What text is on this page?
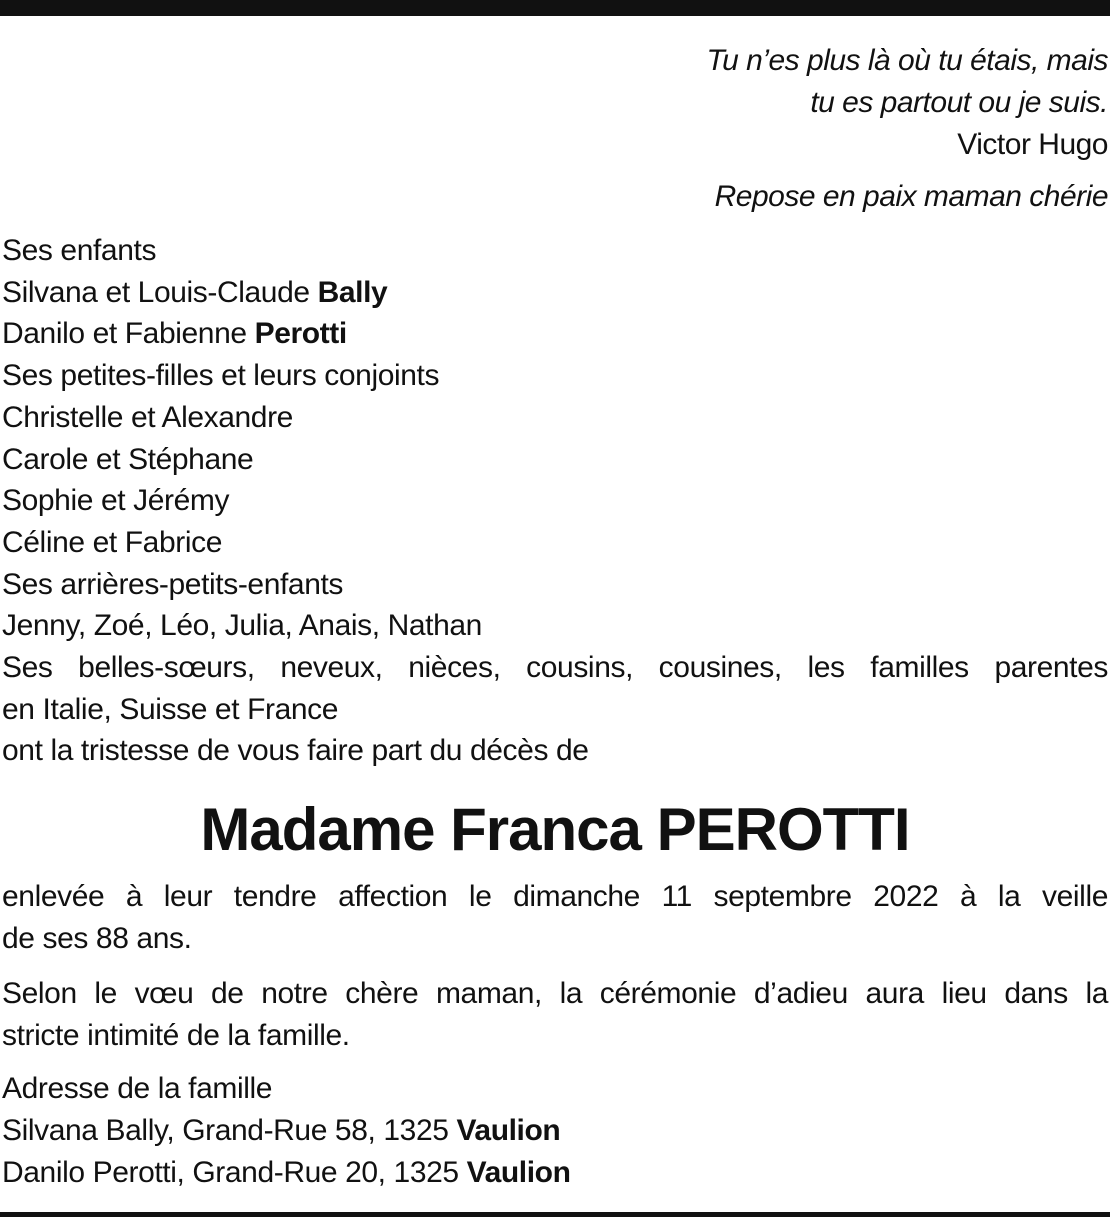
Tu n’es plus là où tu étais, mais
tu es partout ou je suis.
Victor Hugo
Repose en paix maman chérie
Ses enfants
Silvana et Louis-Claude Bally
Danilo et Fabienne Perotti
Ses petites-filles et leurs conjoints
Christelle et Alexandre
Carole et Stéphane
Sophie et Jérémy
Céline et Fabrice
Ses arrières-petits-enfants
Jenny, Zoé, Léo, Julia, Anais, Nathan
Ses belles-sœurs, neveux, nièces, cousins, cousines, les familles parentes
en Italie, Suisse et France
ont la tristesse de vous faire part du décès de
Madame Franca PEROTTI
enlevée à leur tendre affection le dimanche 11 septembre 2022 à la veille
de ses 88 ans.
Selon le vœu de notre chère maman, la cérémonie d’adieu aura lieu dans la
stricte intimité de la famille.
Adresse de la famille
Silvana Bally, Grand-Rue 58, 1325 Vaulion
Danilo Perotti, Grand-Rue 20, 1325 Vaulion
